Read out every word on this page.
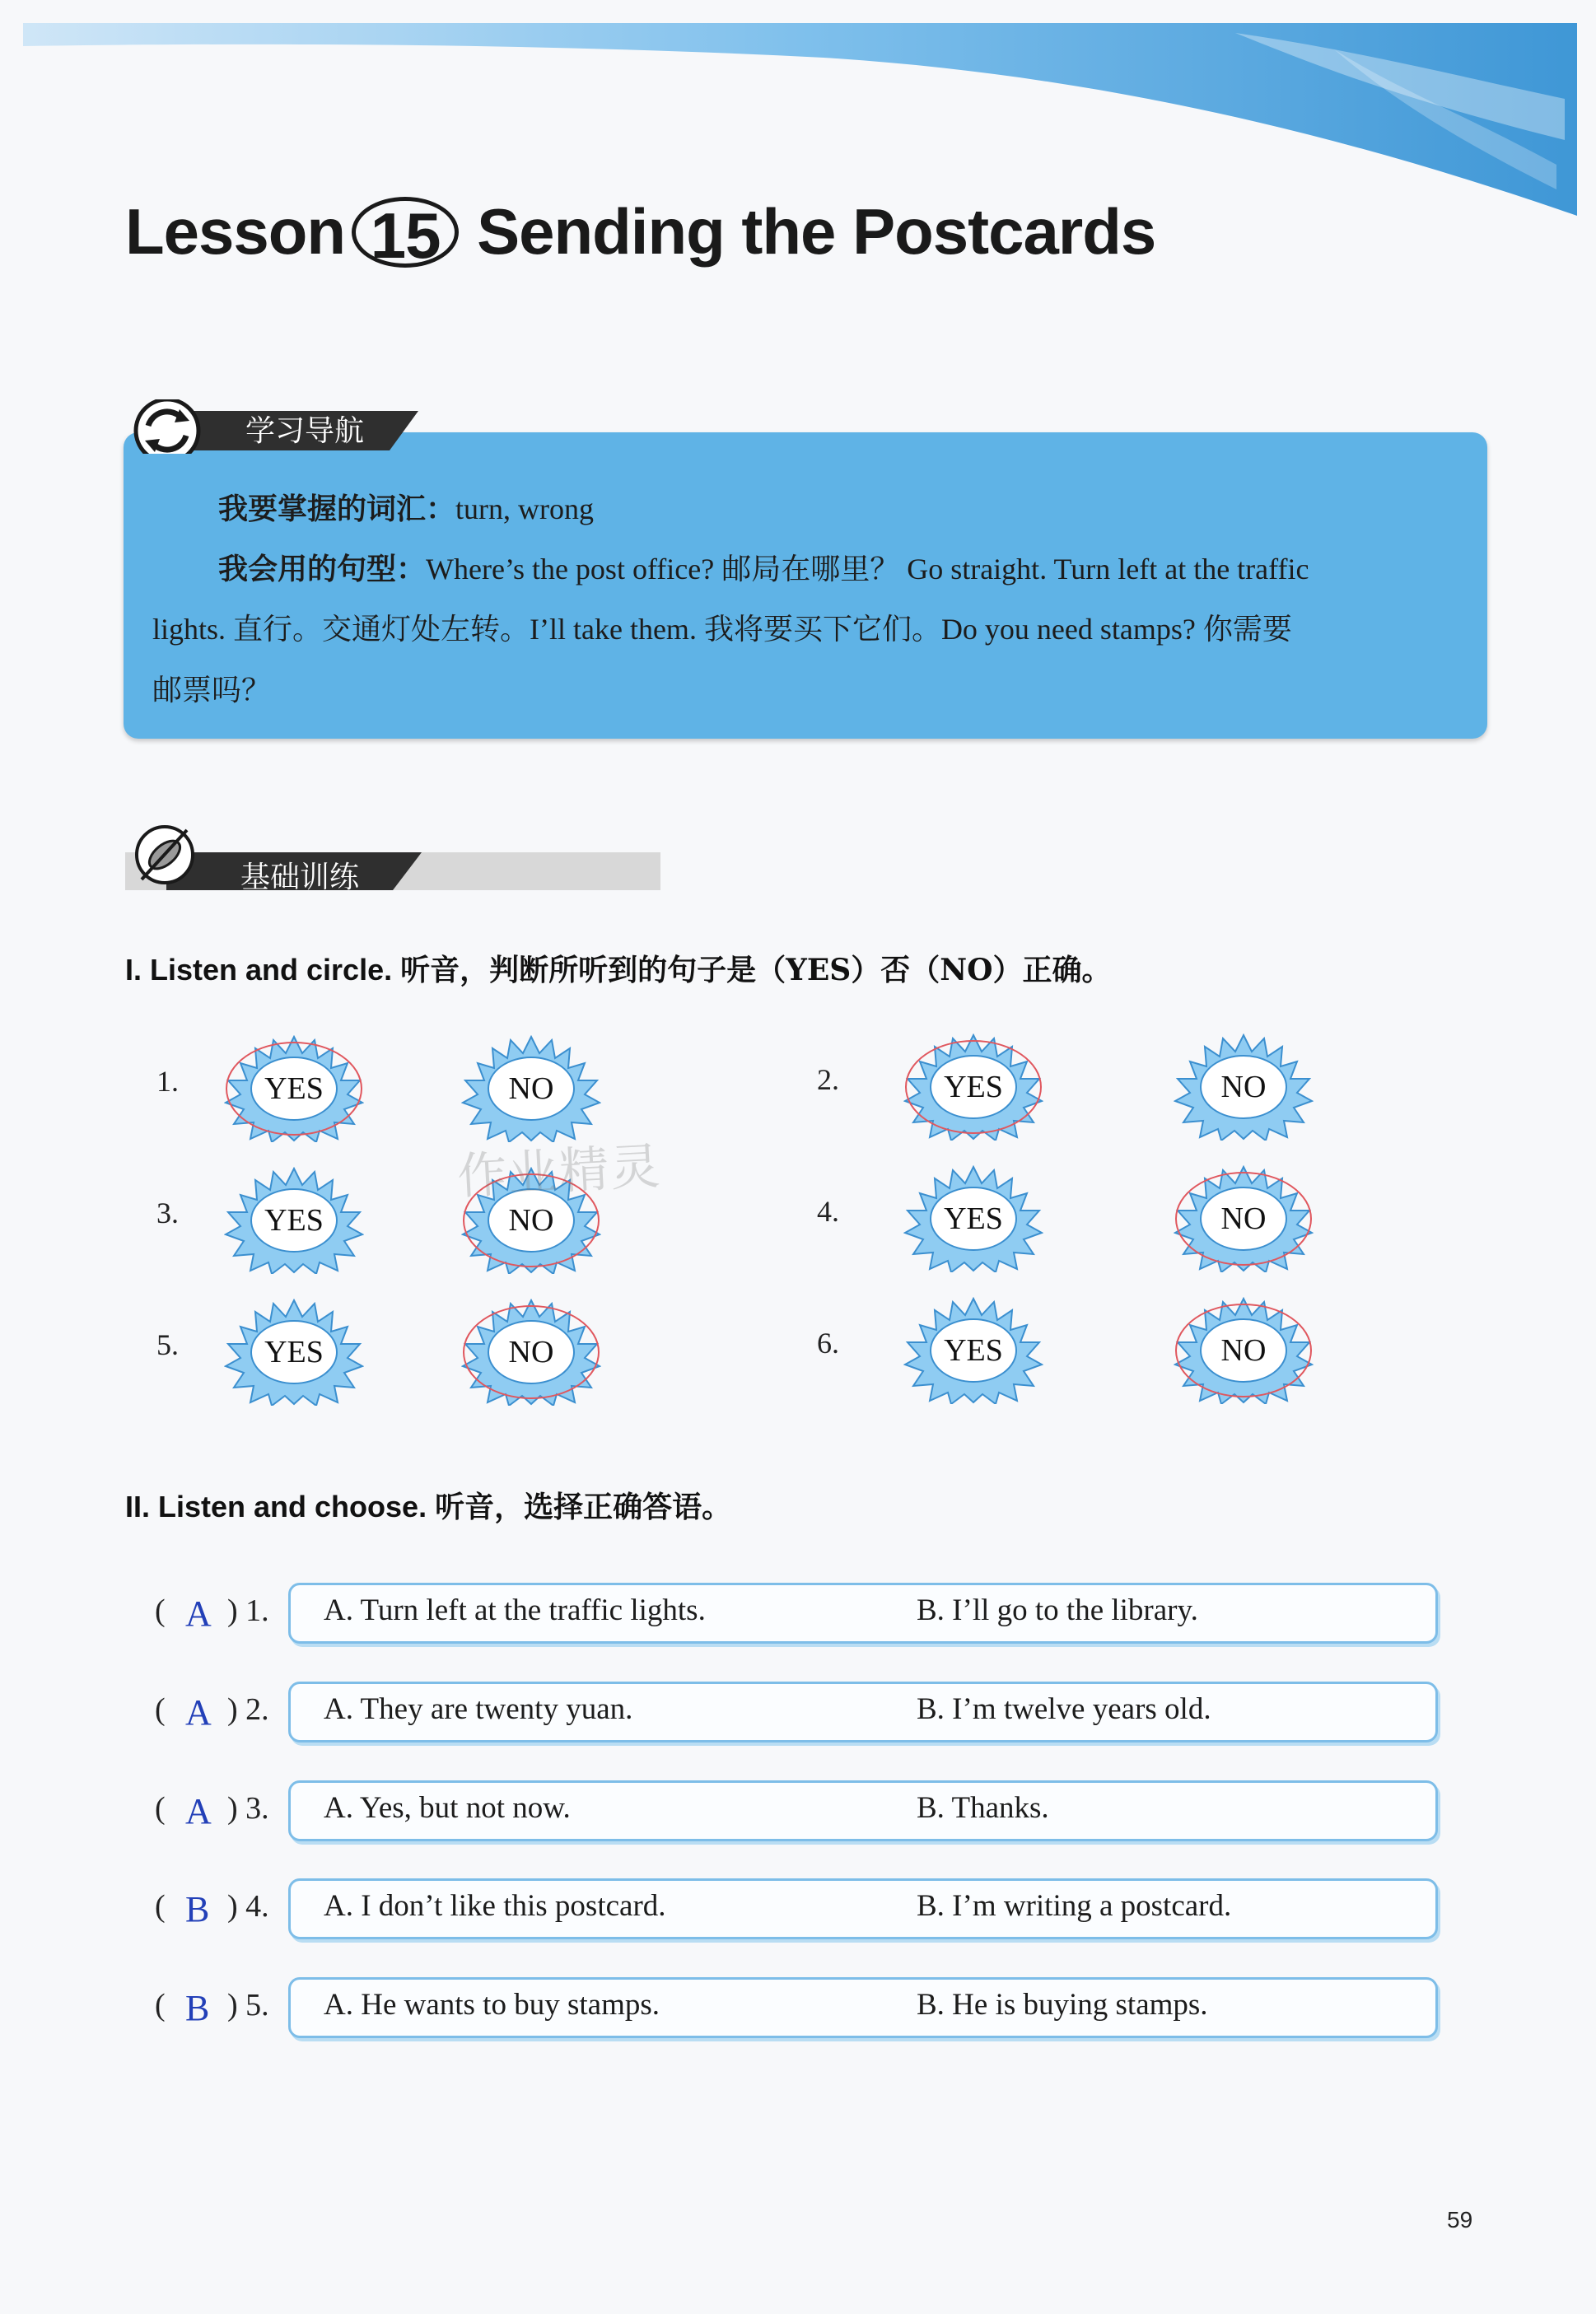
Lesson 15 Sending the Postcards
学习导航
我要掌握的词汇：turn, wrong
我会用的句型：Where’s the post office? 邮局在哪里？ Go straight. Turn left at the traffic
lights. 直行。交通灯处左转。I’ll take them. 我将要买下它们。Do you need stamps? 你需要
邮票吗？
基础训练
I. Listen and circle. 听音，判断所听到的句子是（YES）否（NO）正确。
1.	YES	NO	2.	YES	NO
3.	YES	NO	4.	YES	NO
5.	YES	NO	6.	YES	NO
作业精灵
II. Listen and choose. 听音，选择正确答语。
( A ) 1. A. Turn left at the traffic lights.	B. I’ll go to the library.
( A ) 2. A. They are twenty yuan.	B. I’m twelve years old.
( A ) 3. A. Yes, but not now.	B. Thanks.
( B ) 4. A. I don’t like this postcard.	B. I’m writing a postcard.
( B ) 5. A. He wants to buy stamps.	B. He is buying stamps.
59
